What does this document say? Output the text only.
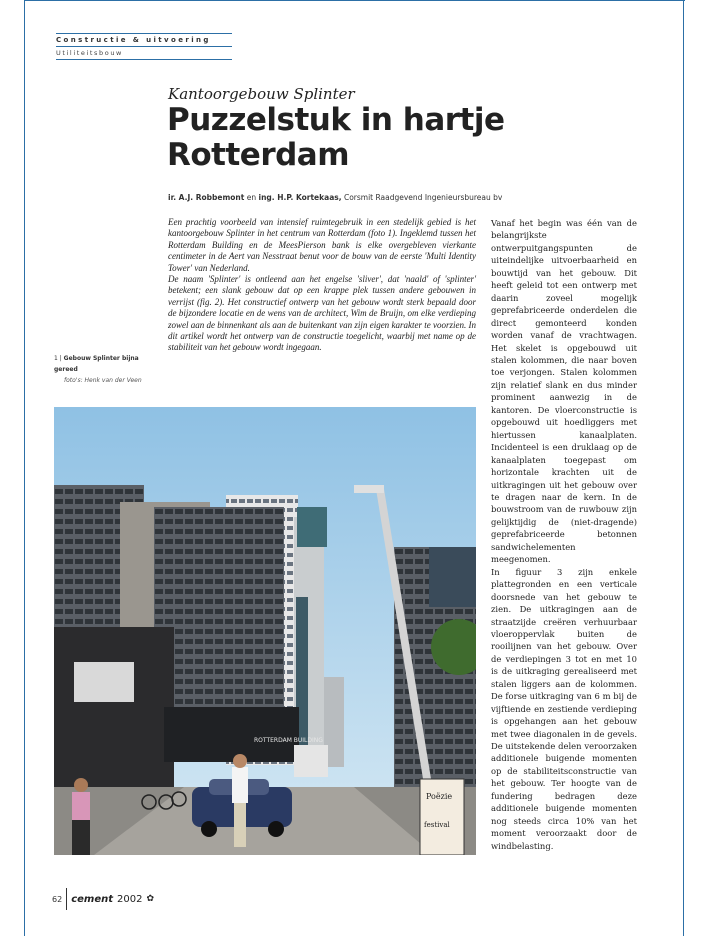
Constructie & uitvoering
Utiliteitsbouw
Kantoorgebouw Splinter
Puzzelstuk in hartje Rotterdam
ir. A.J. Robbemont en ing. H.P. Kortekaas, Corsmit Raadgevend Ingenieursbureau bv

Een prachtig voorbeeld van intensief ruimtegebruik in een stedelijk gebied is het kantoorgebouw Splinter in het centrum van Rotterdam (foto 1). Ingeklemd tussen het Rotterdam Building en de MeesPierson bank is elke overgebleven vierkante centimeter in de Aert van Nesstraat benut voor de bouw van de eerste 'Multi Identity Tower' van Nederland.

De naam 'Splinter' is ontleend aan het engelse 'sliver', dat 'naald' of 'splinter' betekent; een slank gebouw dat op een krappe plek tussen andere gebouwen in verrijst (fig. 2). Het constructief ontwerp van het gebouw wordt sterk bepaald door de bijzondere locatie en de wens van de architect, Wim de Bruijn, om elke verdieping zowel aan de binnenkant als aan de buitenkant van zijn eigen karakter te voorzien. In dit artikel wordt het ontwerp van de constructie toegelicht, waarbij met name op de stabiliteit van het gebouw wordt ingegaan.

1 | Gebouw Splinter bijna gereed
foto's: Henk van der Veen

Vanaf het begin was één van de belangrijkste ontwerpuitgangspunten de uiteindelijke uitvoerbaarheid en bouwtijd van het gebouw. Dit heeft geleid tot een ontwerp met daarin zoveel mogelijk geprefabriceerde onderdelen die direct gemonteerd konden worden vanaf de vrachtwagen. Het skelet is opgebouwd uit stalen kolommen, die naar boven toe verjongen. Stalen kolommen zijn relatief slank en dus minder prominent aanwezig in de kantoren. De vloerconstructie is opgebouwd uit hoedliggers met hiertussen kanaalplaten. Incidenteel is een druklaag op de kanaalplaten toegepast om horizontale krachten uit de uitkragingen uit het gebouw over te dragen naar de kern. In de bouwstroom van de ruwbouw zijn gelijktijdig de (niet-dragende) geprefabriceerde betonnen sandwichelementen meegenomen.

In figuur 3 zijn enkele plattegronden en een verticale doorsnede van het gebouw te zien. De uitkragingen aan de straatzijde creëren verhuurbaar vloeroppervlak buiten de rooilijnen van het gebouw. Over de verdiepingen 3 tot en met 10 is de uitkraging gerealiseerd met stalen liggers aan de kolommen. De forse uitkraging van 6 m bij de vijftiende en zestiende verdieping is opgehangen aan het gebouw met twee diagonalen in de gevels. De uitstekende delen veroorzaken additionele buigende momenten op de stabiliteitsconstructie van het gebouw. Ter hoogte van de fundering bedragen deze additionele buigende momenten nog steeds circa 10% van het moment veroorzaakt door de windbelasting.

ROTTERDAM BUILDING
Poëzie
festival
62 cement 2002 ✿
